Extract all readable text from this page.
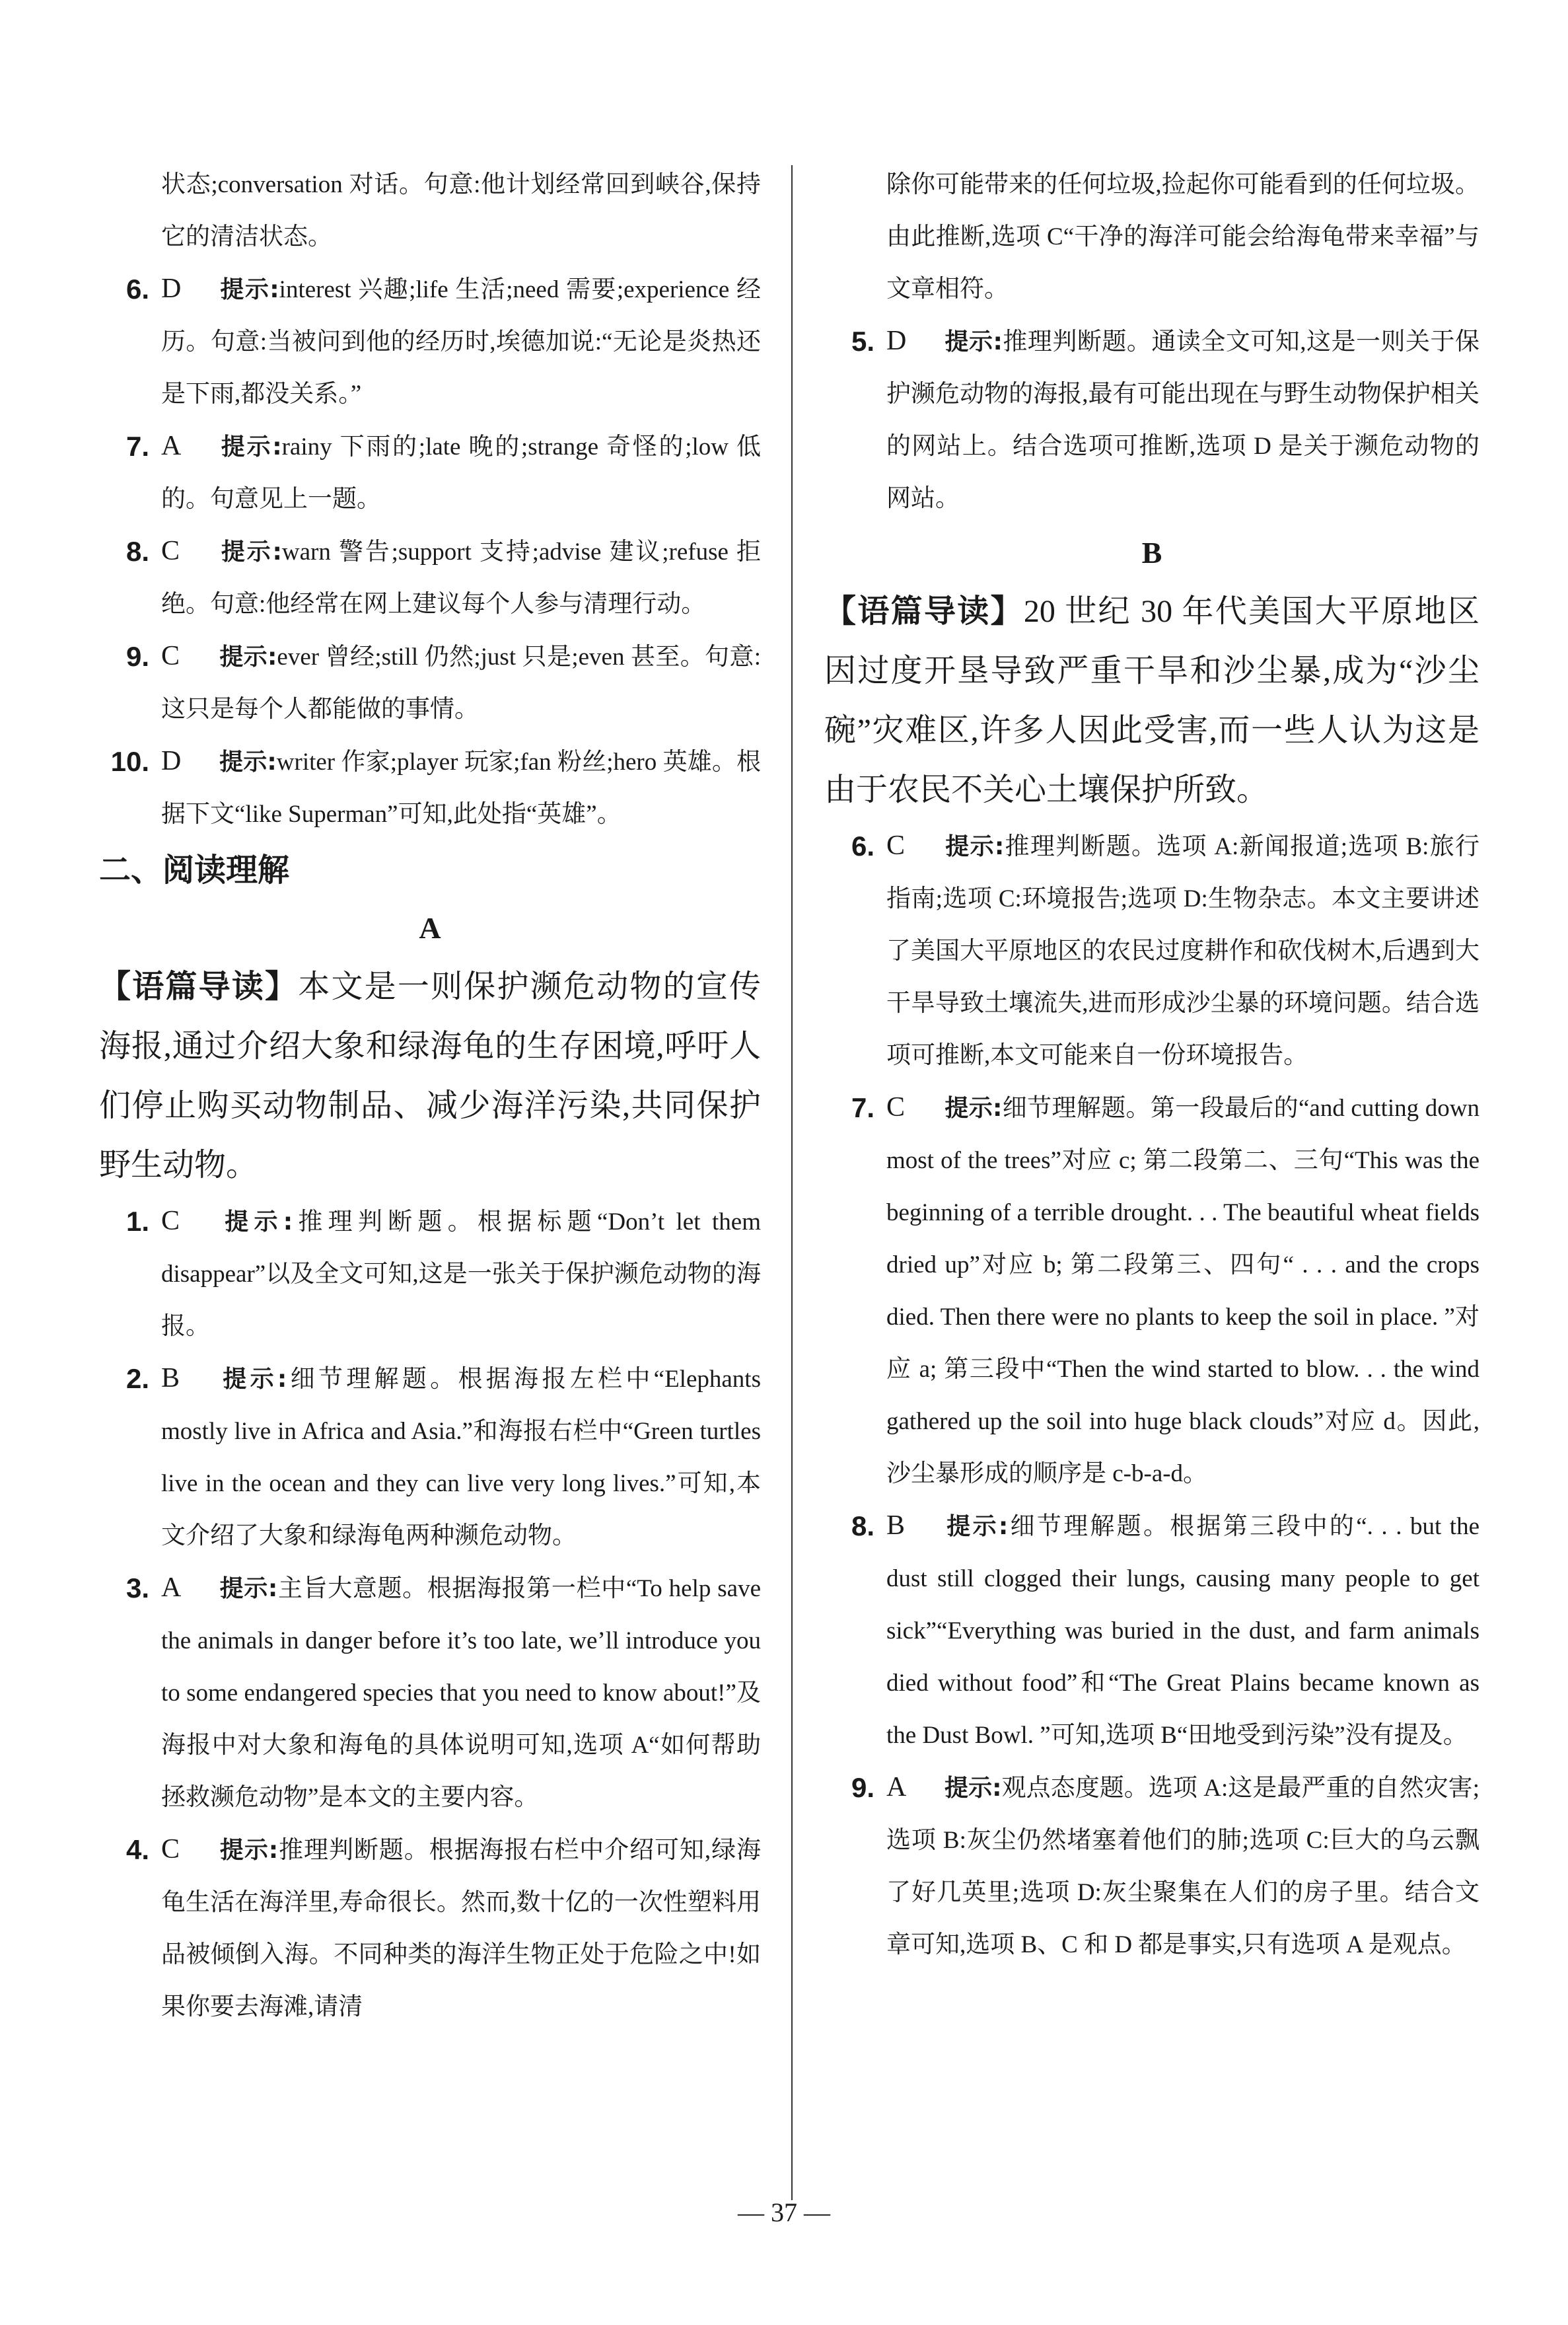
状态;conversation 对话。句意:他计划经常回到峡谷,保持它的清洁状态。
6. D 提示:interest 兴趣;life 生活;need 需要;experience 经历。句意:当被问到他的经历时,埃德加说:“无论是炎热还是下雨,都没关系。”
7. A 提示:rainy 下雨的;late 晚的;strange 奇怪的;low 低的。句意见上一题。
8. C 提示:warn 警告;support 支持;advise 建议;refuse 拒绝。句意:他经常在网上建议每个人参与清理行动。
9. C 提示:ever 曾经;still 仍然;just 只是;even 甚至。句意:这只是每个人都能做的事情。
10. D 提示:writer 作家;player 玩家;fan 粉丝;hero 英雄。根据下文“like Superman”可知,此处指“英雄”。
二、阅读理解
A
【语篇导读】本文是一则保护濒危动物的宣传海报,通过介绍大象和绿海龟的生存困境,呼吁人们停止购买动物制品、减少海洋污染,共同保护野生动物。
1. C 提示:推理判断题。根据标题“Don’t let them disappear”以及全文可知,这是一张关于保护濒危动物的海报。
2. B 提示:细节理解题。根据海报左栏中“Elephants mostly live in Africa and Asia.”和海报右栏中“Green turtles live in the ocean and they can live very long lives.”可知,本文介绍了大象和绿海龟两种濒危动物。
3. A 提示:主旨大意题。根据海报第一栏中“To help save the animals in danger before it’s too late, we’ll introduce you to some endangered species that you need to know about!”及海报中对大象和海龟的具体说明可知,选项 A“如何帮助拯救濒危动物”是本文的主要内容。
4. C 提示:推理判断题。根据海报右栏中介绍可知,绿海龟生活在海洋里,寿命很长。然而,数十亿的一次性塑料用品被倾倒入海。不同种类的海洋生物正处于危险之中!如果你要去海滩,请清
除你可能带来的任何垃圾,捡起你可能看到的任何垃圾。由此推断,选项 C“干净的海洋可能会给海龟带来幸福”与文章相符。
5. D 提示:推理判断题。通读全文可知,这是一则关于保护濒危动物的海报,最有可能出现在与野生动物保护相关的网站上。结合选项可推断,选项 D 是关于濒危动物的网站。
B
【语篇导读】20 世纪 30 年代美国大平原地区因过度开垦导致严重干旱和沙尘暴,成为“沙尘碗”灾难区,许多人因此受害,而一些人认为这是由于农民不关心土壤保护所致。
6. C 提示:推理判断题。选项 A:新闻报道;选项 B:旅行指南;选项 C:环境报告;选项 D:生物杂志。本文主要讲述了美国大平原地区的农民过度耕作和砍伐树木,后遇到大干旱导致土壤流失,进而形成沙尘暴的环境问题。结合选项可推断,本文可能来自一份环境报告。
7. C 提示:细节理解题。第一段最后的“and cutting down most of the trees”对应 c; 第二段第二、三句“This was the beginning of a terrible drought. . . The beautiful wheat fields dried up”对应 b; 第二段第三、四句“ . . . and the crops died. Then there were no plants to keep the soil in place. ”对应 a; 第三段中“Then the wind started to blow. . . the wind gathered up the soil into huge black clouds”对应 d。因此,沙尘暴形成的顺序是 c-b-a-d。
8. B 提示:细节理解题。根据第三段中的“. . . but the dust still clogged their lungs, causing many people to get sick”“Everything was buried in the dust, and farm animals died without food”和“The Great Plains became known as the Dust Bowl. ”可知,选项 B“田地受到污染”没有提及。
9. A 提示:观点态度题。选项 A:这是最严重的自然灾害;选项 B:灰尘仍然堵塞着他们的肺;选项 C:巨大的乌云飘了好几英里;选项 D:灰尘聚集在人们的房子里。结合文章可知,选项 B、C 和 D 都是事实,只有选项 A 是观点。
— 37 —
